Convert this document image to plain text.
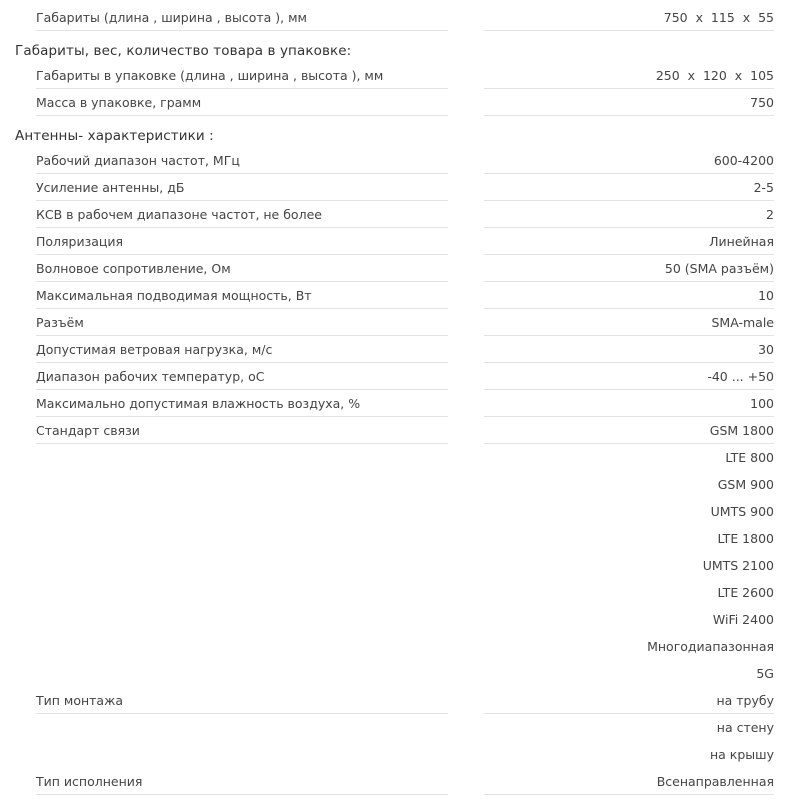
Габариты (длина , ширина , высота ), мм	750  x  115  x  55
Габариты, вес, количество товара в упаковке:
Габариты в упаковке (длина , ширина , высота ), мм	250  x  120  x  105
Масса в упаковке, грамм	750
Антенны- характеристики :
Рабочий диапазон частот, МГц	600-4200
Усиление антенны, дБ	2-5
КСВ в рабочем диапазоне частот, не более	2
Поляризация	Линейная
Волновое сопротивление, Ом	50 (SMA разъём)
Максимальная подводимая мощность, Вт	10
Разъём	SMA-male
Допустимая ветровая нагрузка, м/с	30
Диапазон рабочих температур, оС	-40 ... +50
Максимально допустимая влажность воздуха, %	100
Стандарт связи	GSM 1800
LTE 800
GSM 900
UMTS 900
LTE 1800
UMTS 2100
LTE 2600
WiFi 2400
Многодиапазонная
5G
Тип монтажа	на трубу
на стену
на крышу
Тип исполнения	Всенаправленная
